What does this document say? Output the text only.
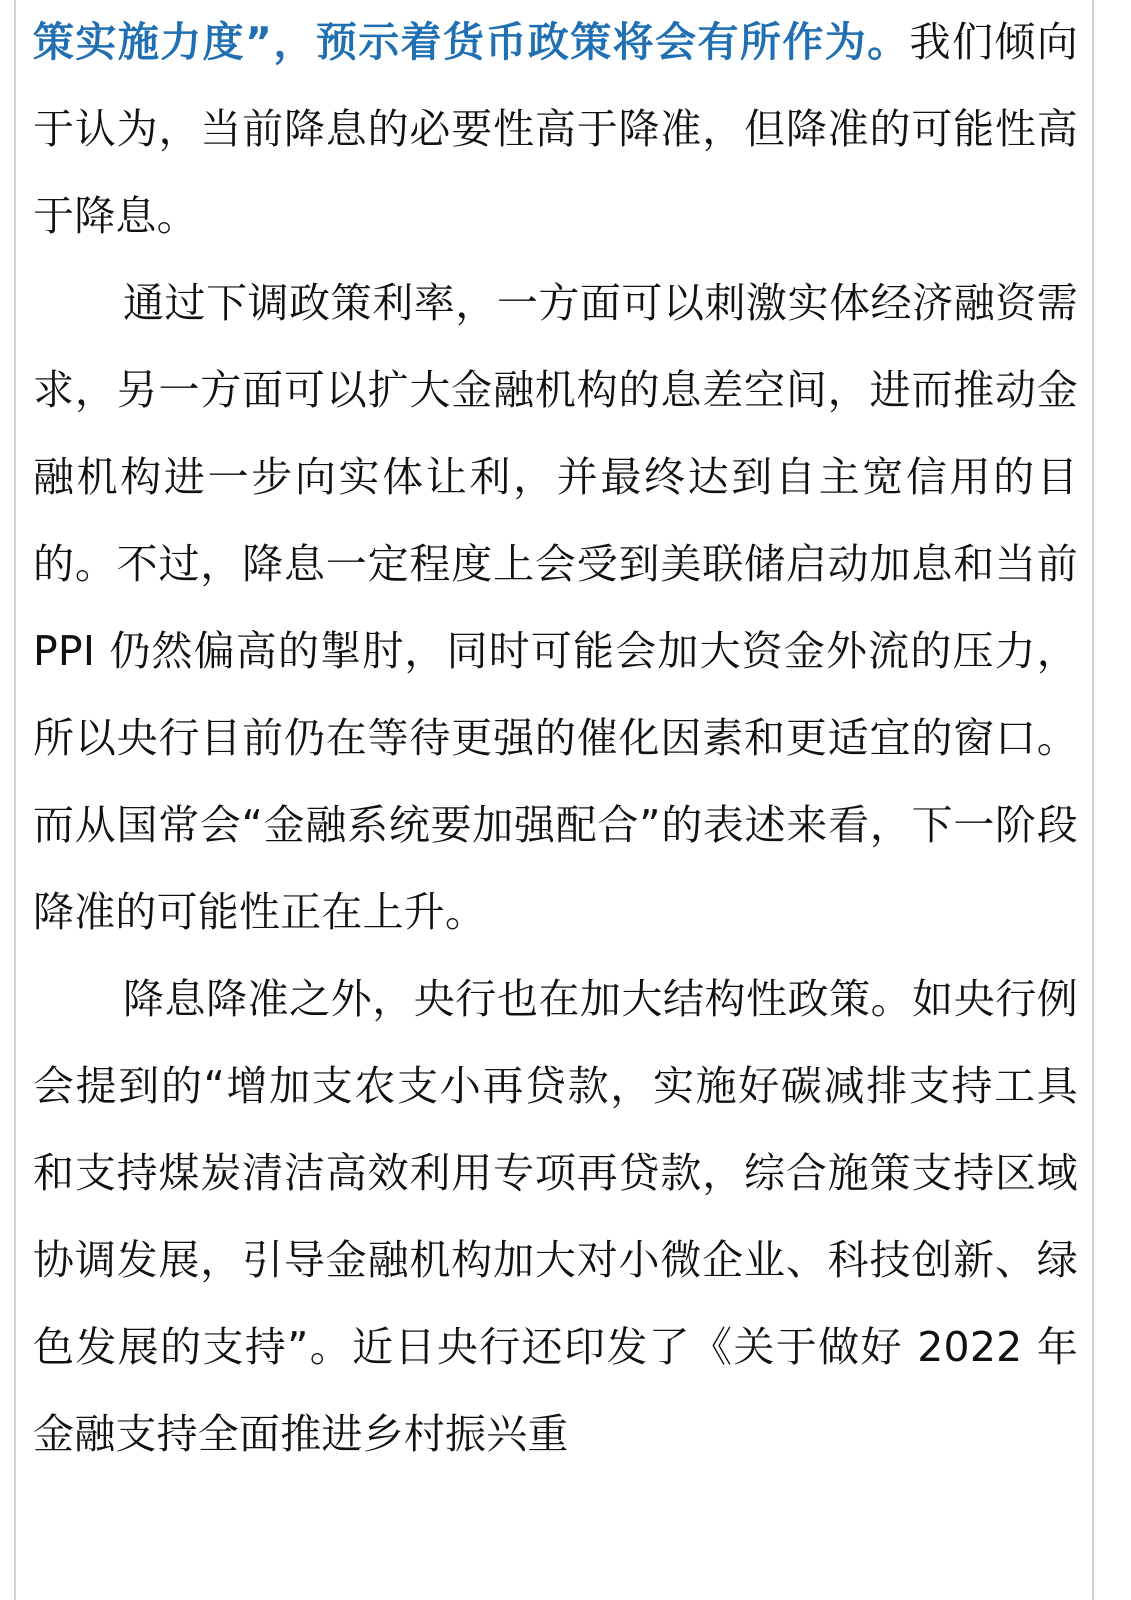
策实施力度”，预示着货币政策将会有所作为。我们倾向于认为，当前降息的必要性高于降准，但降准的可能性高于降息。

通过下调政策利率，一方面可以刺激实体经济融资需求，另一方面可以扩大金融机构的息差空间，进而推动金融机构进一步向实体让利，并最终达到自主宽信用的目的。不过，降息一定程度上会受到美联储启动加息和当前 PPI 仍然偏高的掣肘，同时可能会加大资金外流的压力，所以央行目前仍在等待更强的催化因素和更适宜的窗口。而从国常会“金融系统要加强配合”的表述来看，下一阶段降准的可能性正在上升。

降息降准之外，央行也在加大结构性政策。如央行例会提到的“增加支农支小再贷款，实施好碳减排支持工具和支持煤炭清洁高效利用专项再贷款，综合施策支持区域协调发展，引导金融机构加大对小微企业、科技创新、绿色发展的支持”。近日央行还印发了《关于做好 2022 年金融支持全面推进乡村振兴重
